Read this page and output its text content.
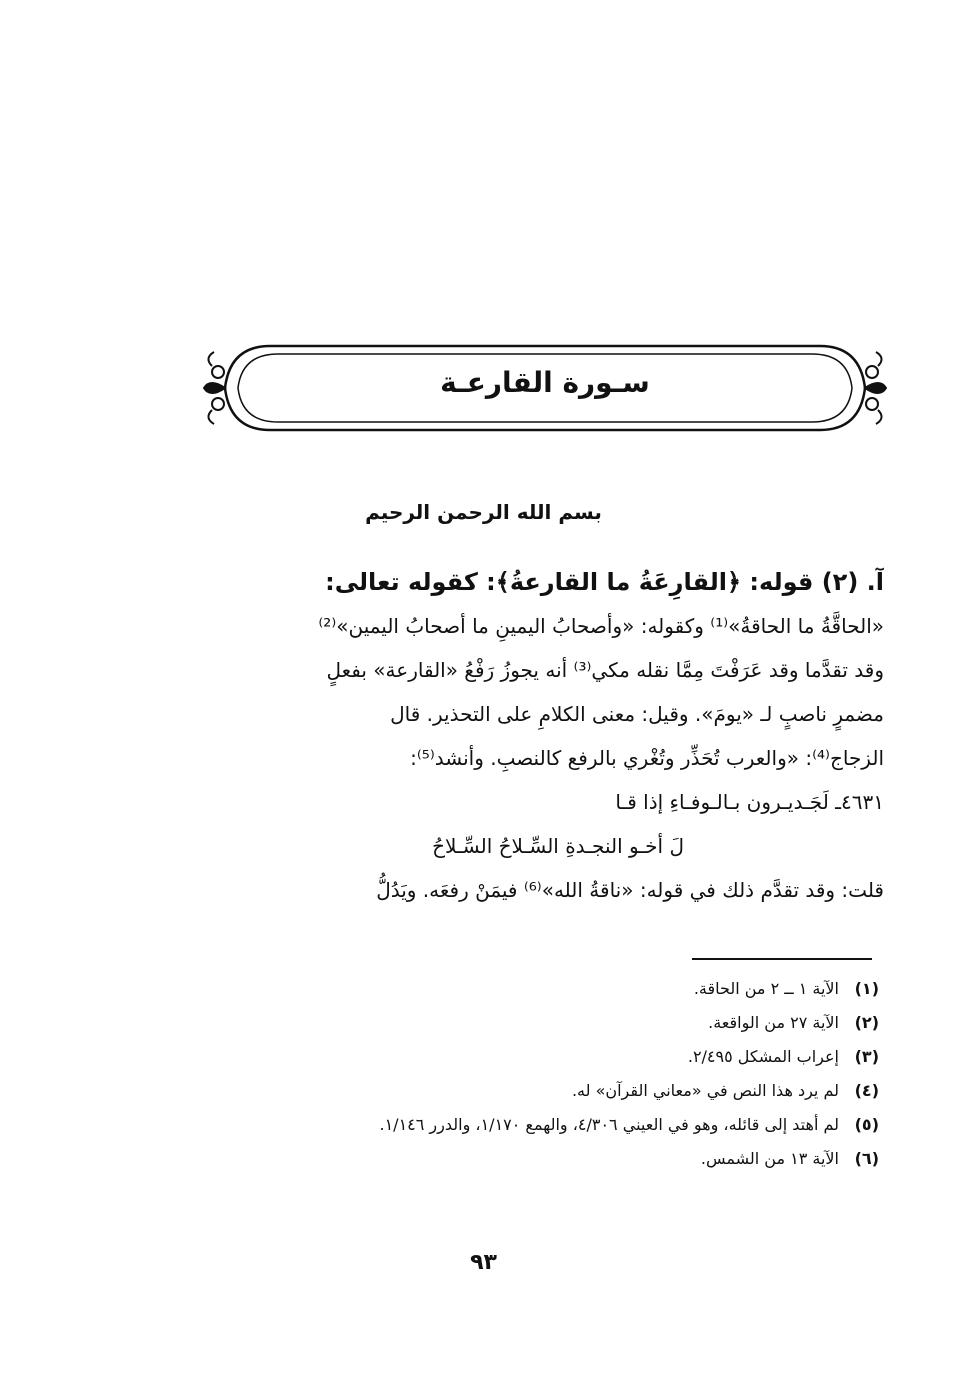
سـورة القارعـة
بسم الله الرحمن الرحيم
آ. (٢) قوله: ﴿القارِعَةُ ما القارعةُ﴾: كقوله تعالى:
«الحاقَّةُ ما الحاقةُ»⁽¹⁾ وكقوله: «وأصحابُ اليمينِ ما أصحابُ اليمين»⁽²⁾
وقد تقدَّما وقد عَرَفْتَ مِمَّا نقله مكي⁽³⁾ أنه يجوزُ رَفْعُ «القارعة» بفعلٍ
مضمرٍ ناصبٍ لـ «يومَ». وقيل: معنى الكلامِ على التحذير. قال
الزجاج⁽⁴⁾: «والعرب تُحَذِّر وتُغْري بالرفع كالنصبِ. وأنشد⁽⁵⁾:
٤٦٣١ـ لَجَـديـرون بـالـوفـاءِ إذا قـا
لَ أخـو النجـدةِ السِّـلاحُ السِّـلاحُ
قلت: وقد تقدَّم ذلك في قوله: «ناقةُ الله»⁽⁶⁾ فيمَنْ رفعَه. ويَدُلُّ
(١)
الآية ١ ــ ٢ من الحاقة.
(٢)
الآية ٢٧ من الواقعة.
(٣)
إعراب المشكل ٢/٤٩٥.
(٤)
لم يرد هذا النص في «معاني القرآن» له.
(٥)
لم أهتد إلى قائله، وهو في العيني ٤/٣٠٦، والهمع ١/١٧٠، والدرر ١/١٤٦.
(٦)
الآية ١٣ من الشمس.
٩٣
